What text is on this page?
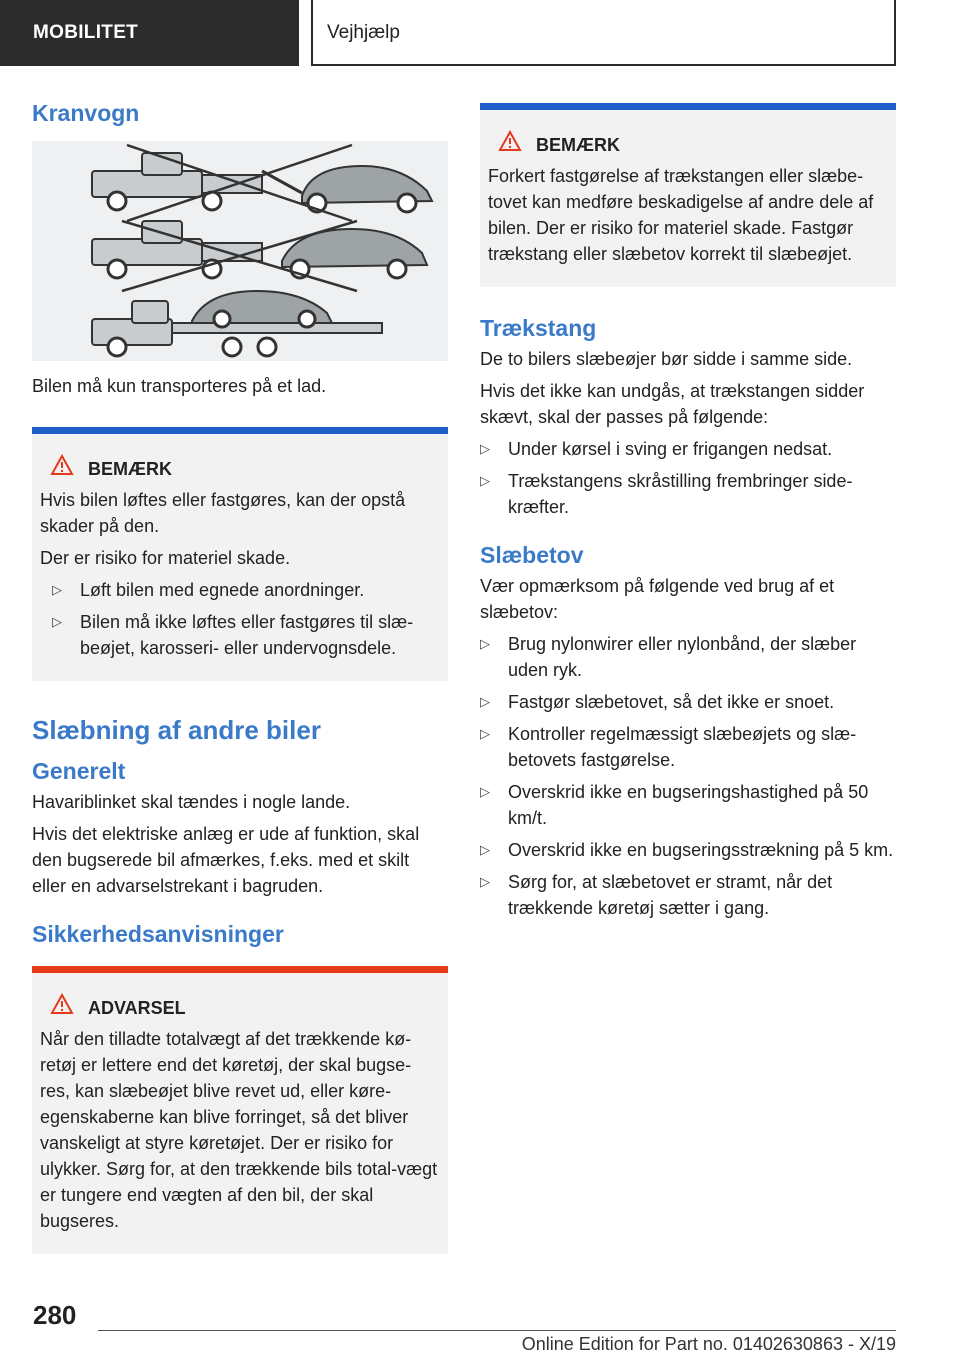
MOBILITET	Vejhjælp
Kranvogn

Bilen må kun transporteres på et lad.

BEMÆRK

Hvis bilen løftes eller fastgøres, kan der opstå skader på den.

Der er risiko for materiel skade.

▷ Løft bilen med egnede anordninger.
▷ Bilen må ikke løftes eller fastgøres til slæ-beøjet, karosseri- eller undervognsdele.
Slæbning af andre biler
Generelt

Havariblinket skal tændes i nogle lande.

Hvis det elektriske anlæg er ude af funktion, skal den bugserede bil afmærkes, f.eks. med et skilt eller en advarselstrekant i bagruden.

Sikkerhedsanvisninger
ADVARSEL

Når den tilladte totalvægt af det trækkende kø-retøj er lettere end det køretøj, der skal bugse-res, kan slæbeøjet blive revet ud, eller køre-egenskaberne kan blive forringet, så det bliver vanskeligt at styre køretøjet. Der er risiko for ulykker. Sørg for, at den trækkende bils total-vægt er tungere end vægten af den bil, der skal bugseres.

BEMÆRK

Forkert fastgørelse af trækstangen eller slæbe-tovet kan medføre beskadigelse af andre dele af bilen. Der er risiko for materiel skade. Fastgør trækstang eller slæbetov korrekt til slæbeøjet.

Trækstang

De to bilers slæbeøjer bør sidde i samme side.

Hvis det ikke kan undgås, at trækstangen sidder skævt, skal der passes på følgende:

▷ Under kørsel i sving er frigangen nedsat.
▷ Trækstangens skråstilling frembringer side-kræfter.
Slæbetov

Vær opmærksom på følgende ved brug af et slæbetov:

▷ Brug nylonwirer eller nylonbånd, der slæber uden ryk.
▷ Fastgør slæbetovet, så det ikke er snoet.
▷ Kontroller regelmæssigt slæbeøjets og slæ-betovets fastgørelse.
▷ Overskrid ikke en bugseringshastighed på 50 km/t.
▷ Overskrid ikke en bugseringsstrækning på 5 km.
▷ Sørg for, at slæbetovet er stramt, når det trækkende køretøj sætter i gang.
280
Online Edition for Part no. 01402630863 - X/19
